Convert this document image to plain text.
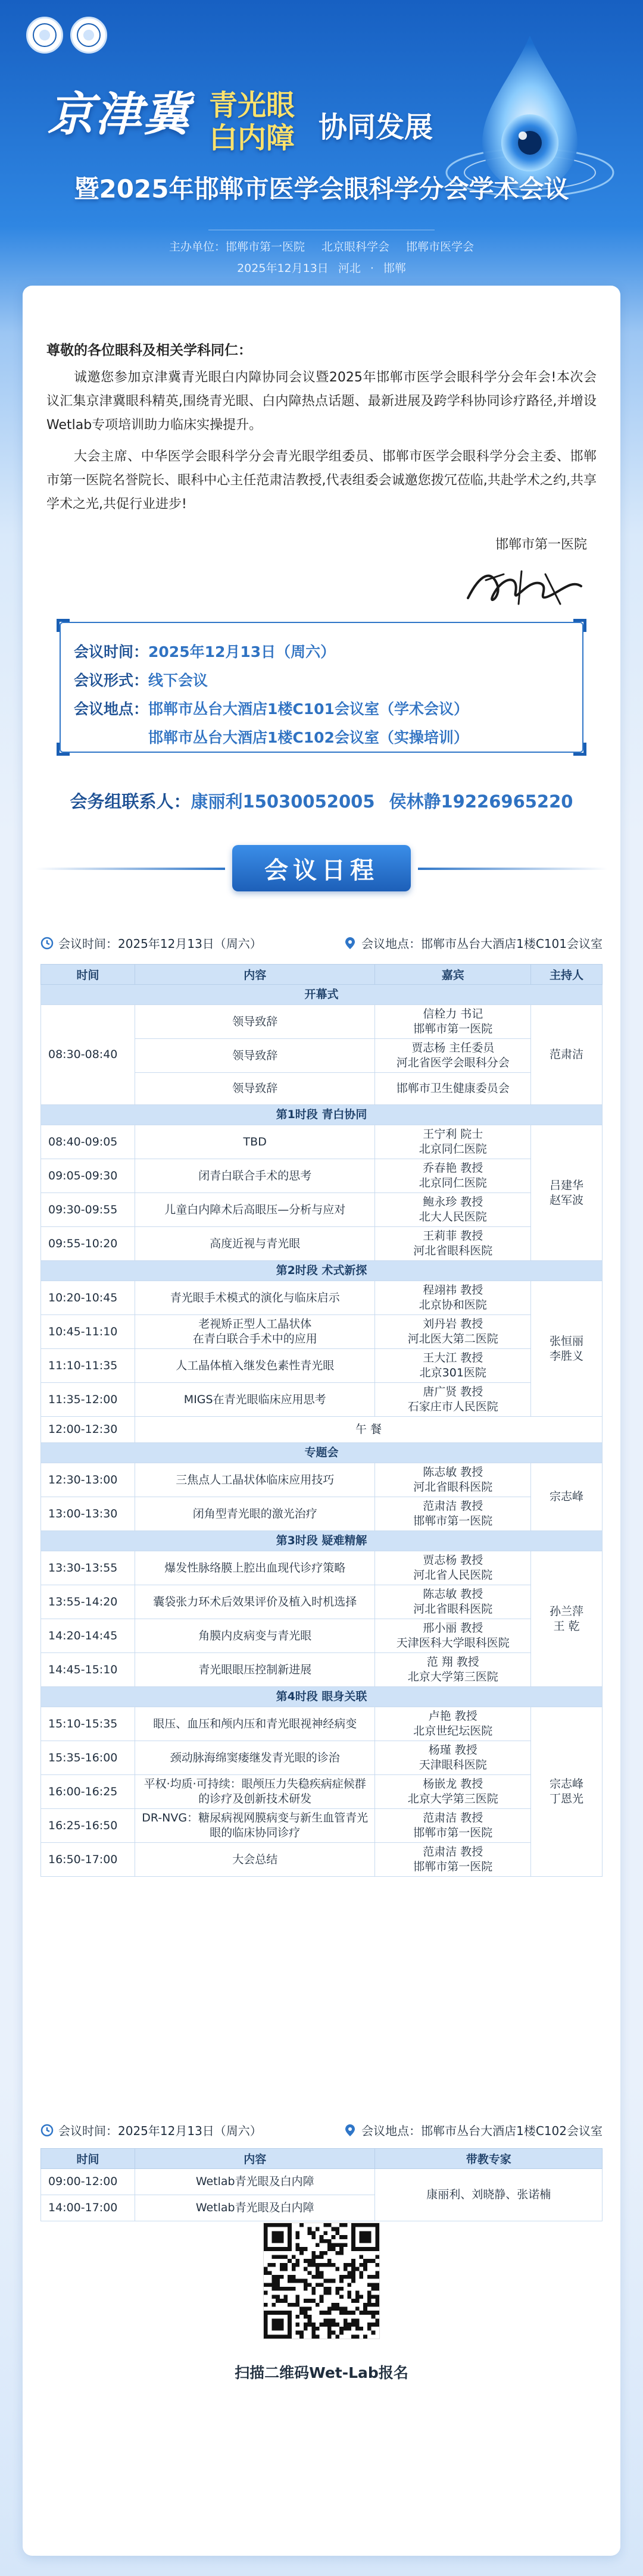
京津冀 青光眼
白内障 协同发展
暨2025年邯郸市医学会眼科学分会学术会议
主办单位：邯郸市第一医院 北京眼科学会 邯郸市医学会
2025年12月13日 河北 · 邯郸
尊敬的各位眼科及相关学科同仁：
诚邀您参加京津冀青光眼白内障协同会议暨2025年邯郸市医学会眼科学分会年会!本次会议汇集京津冀眼科精英,围绕青光眼、白内障热点话题、最新进展及跨学科协同诊疗路径,并增设Wetlab专项培训助力临床实操提升。
大会主席、中华医学会眼科学分会青光眼学组委员、邯郸市医学会眼科学分会主委、邯郸市第一医院名誉院长、眼科中心主任范肃洁教授,代表组委会诚邀您拨冗莅临,共赴学术之约,共享学术之光,共促行业进步!
邯郸市第一医院
会议时间：2025年12月13日（周六）
会议形式：线下会议
会议地点：邯郸市丛台大酒店1楼C101会议室（学术会议）
邯郸市丛台大酒店1楼C102会议室（实操培训）
会务组联系人：康丽利15030052005 侯林静19226965220
会议日程
会议时间：2025年12月13日（周六）	会议地点：邯郸市丛台大酒店1楼C101会议室
时间	内容	嘉宾	主持人
开幕式			
08:30-08:40	领导致辞	信栓力 书记
邯郸市第一医院	范肃洁
	领导致辞	贾志杨 主任委员
河北省医学会眼科分会	
	领导致辞	邯郸市卫生健康委员会	
第1时段 青白协同			
08:40-09:05	TBD	王宁利 院士
北京同仁医院	吕建华
赵军波
09:05-09:30	闭青白联合手术的思考	乔春艳 教授
北京同仁医院	
09:30-09:55	儿童白内障术后高眼压—分析与应对	鲍永珍 教授
北大人民医院	
09:55-10:20	高度近视与青光眼	王莉菲 教授
河北省眼科医院	
第2时段 术式新探			
10:20-10:45	青光眼手术模式的演化与临床启示	程翊祎 教授
北京协和医院	张恒丽
李胜义
10:45-11:10	老视矫正型人工晶状体
在青白联合手术中的应用	刘丹岩 教授
河北医大第二医院	
11:10-11:35	人工晶体植入继发色素性青光眼	王大江 教授
北京301医院	
11:35-12:00	MIGS在青光眼临床应用思考	唐广贤 教授
石家庄市人民医院	
12:00-12:30	午 餐		
专题会			
12:30-13:00	三焦点人工晶状体临床应用技巧	陈志敏 教授
河北省眼科医院	宗志峰
13:00-13:30	闭角型青光眼的激光治疗	范肃洁 教授
邯郸市第一医院	
第3时段 疑难精解			
13:30-13:55	爆发性脉络膜上腔出血现代诊疗策略	贾志杨 教授
河北省人民医院	孙兰萍
王 乾
13:55-14:20	囊袋张力环术后效果评价及植入时机选择	陈志敏 教授
河北省眼科医院	
14:20-14:45	角膜内皮病变与青光眼	邢小丽 教授
天津医科大学眼科医院	
14:45-15:10	青光眼眼压控制新进展	范 翔 教授
北京大学第三医院	
第4时段 眼身关联			
15:10-15:35	眼压、血压和颅内压和青光眼视神经病变	卢艳 教授
北京世纪坛医院	宗志峰
丁恩光
15:35-16:00	颈动脉海绵窦瘘继发青光眼的诊治	杨瑾 教授
天津眼科医院	
16:00-16:25	平权·均质·可持续：眼颅压力失稳疾病症候群
的诊疗及创新技术研发	杨嵌龙 教授
北京大学第三医院	
16:25-16:50	DR-NVG：糖尿病视网膜病变与新生血管青光
眼的临床协同诊疗	范肃洁 教授
邯郸市第一医院	
16:50-17:00	大会总结	范肃洁 教授
邯郸市第一医院	
会议时间：2025年12月13日（周六）	会议地点：邯郸市丛台大酒店1楼C102会议室
时间	内容	带教专家
09:00-12:00	Wetlab青光眼及白内障	康丽利、刘晓静、张诺楠
14:00-17:00	Wetlab青光眼及白内障	
扫描二维码Wet-Lab报名
